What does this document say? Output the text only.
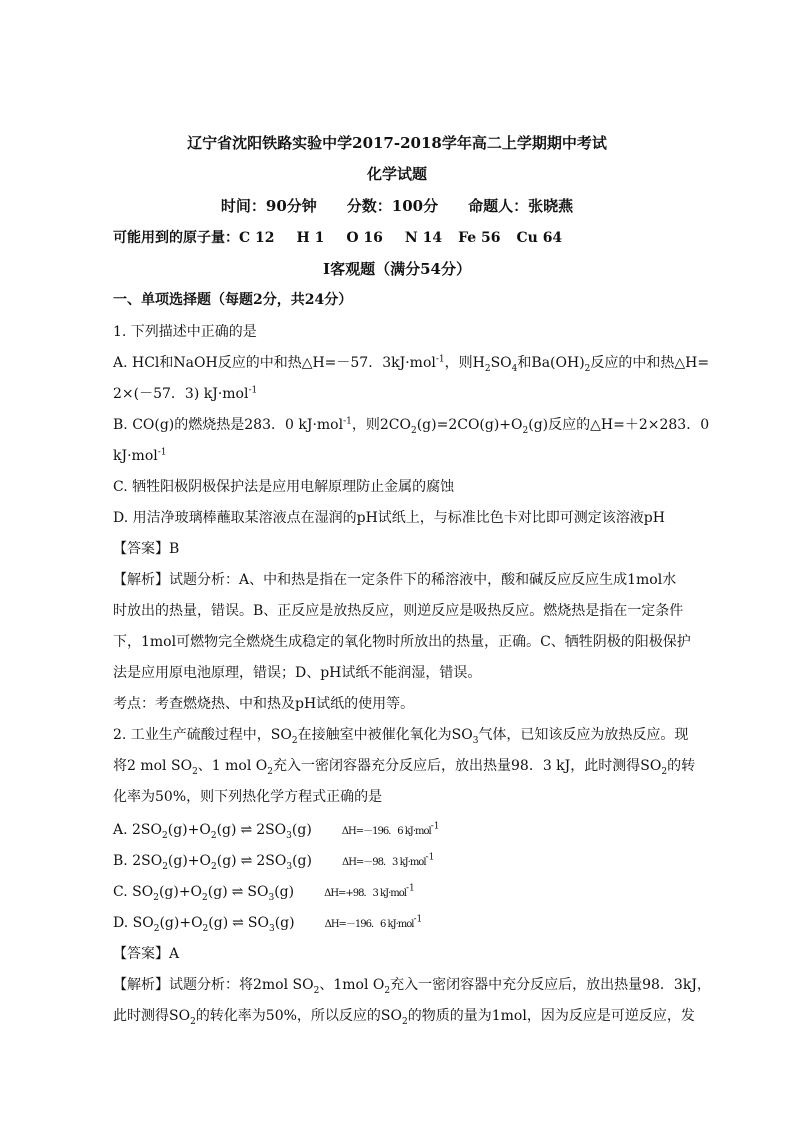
辽宁省沈阳铁路实验中学2017-2018学年高二上学期期中考试
化学试题
时间：90分钟 分数：100分 命题人：张晓燕
可能用到的原子量：C 12 H 1 O 16 N 14 Fe 56 Cu 64
Ⅰ客观题（满分54分）
一、单项选择题（每题2分，共24分）
1. 下列描述中正确的是
A. HCl和NaOH反应的中和热△H=－57．3kJ·mol$^{-1}$，则$H_2SO_4$和$Ba(OH)_2$反应的中和热△H=
2×(－57．3) kJ·mol$^{-1}$
B. CO(g)的燃烧热是283．0 kJ·mol$^{-1}$，则$2CO_2(g)=2CO(g)+O_2(g)$反应的△H=＋2×283．0
kJ·mol$^{-1}$
C. 牺牲阳极阴极保护法是应用电解原理防止金属的腐蚀
D. 用洁净玻璃棒蘸取某溶液点在湿润的pH试纸上，与标准比色卡对比即可测定该溶液pH
【答案】B
【解析】试题分析：A、中和热是指在一定条件下的稀溶液中，酸和碱反应反应生成1mol水
时放出的热量，错误。B、正反应是放热反应，则逆反应是吸热反应。燃烧热是指在一定条件
下，1mol可燃物完全燃烧生成稳定的氧化物时所放出的热量，正确。C、牺牲阴极的阳极保护
法是应用原电池原理，错误；D、pH试纸不能润湿，错误。
考点：考查燃烧热、中和热及pH试纸的使用等。
2. 工业生产硫酸过程中，$SO_2$在接触室中被催化氧化为$SO_3$气体，已知该反应为放热反应。现
将2 mol $SO_2$、1 mol $O_2$充入一密闭容器充分反应后，放出热量98．3 kJ，此时测得$SO_2$的转
化率为50%，则下列热化学方程式正确的是
A. $2SO_2(g)+O_2(g)$ ⇌ $2SO_3(g)$	ΔH=－196．6 kJ·mol$^{-1}$
B. $2SO_2(g)+O_2(g)$ ⇌ $2SO_3(g)$	ΔH=－98．3 kJ·mol$^{-1}$
C. $SO_2(g)+O_2(g)$ ⇌ $SO_3(g)$	ΔH=+98．3 kJ·mol$^{-1}$
D. $SO_2(g)+O_2(g)$ ⇌ $SO_3(g)$	ΔH=－196．6 kJ·mol$^{-1}$
【答案】A
【解析】试题分析：将2mol $SO_2$、1mol $O_2$充入一密闭容器中充分反应后，放出热量98．3kJ，
此时测得$SO_2$的转化率为50%，所以反应的$SO_2$的物质的量为1mol，因为反应是可逆反应，发
